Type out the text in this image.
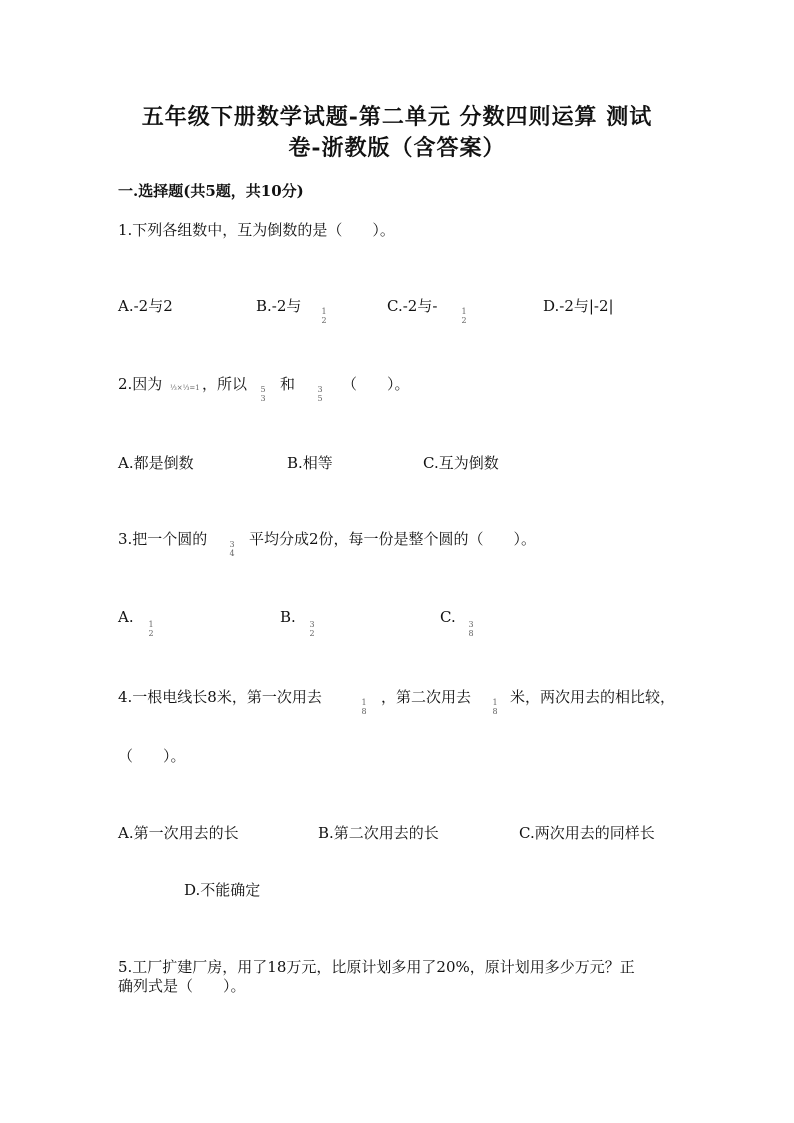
五年级下册数学试题-第二单元 分数四则运算 测试
卷-浙教版（含答案）
一.选择题(共5题，共10分)
1.下列各组数中，互为倒数的是（　　）。
A.-2与2	B.-2与	1
2
C.-2与-	1
2
D.-2与|-2|
2.因为 ⅓×⅓=1 ，所以	5
3
和	3
5
（　　）。
A.都是倒数	B.相等	C.互为倒数
3.把一个圆的	3
4
平均分成2份，每一份是整个圆的（　　）。
A.	1
2
B.	3
2
C.	3
8
4.一根电线长8米，第一次用去	1
8
，第二次用去	1
8
米，两次用去的相比较，
（　　）。
A.第一次用去的长	B.第二次用去的长	C.两次用去的同样长
D.不能确定
5.工厂扩建厂房，用了18万元，比原计划多用了20%，原计划用多少万元？正
确列式是（　　）。
